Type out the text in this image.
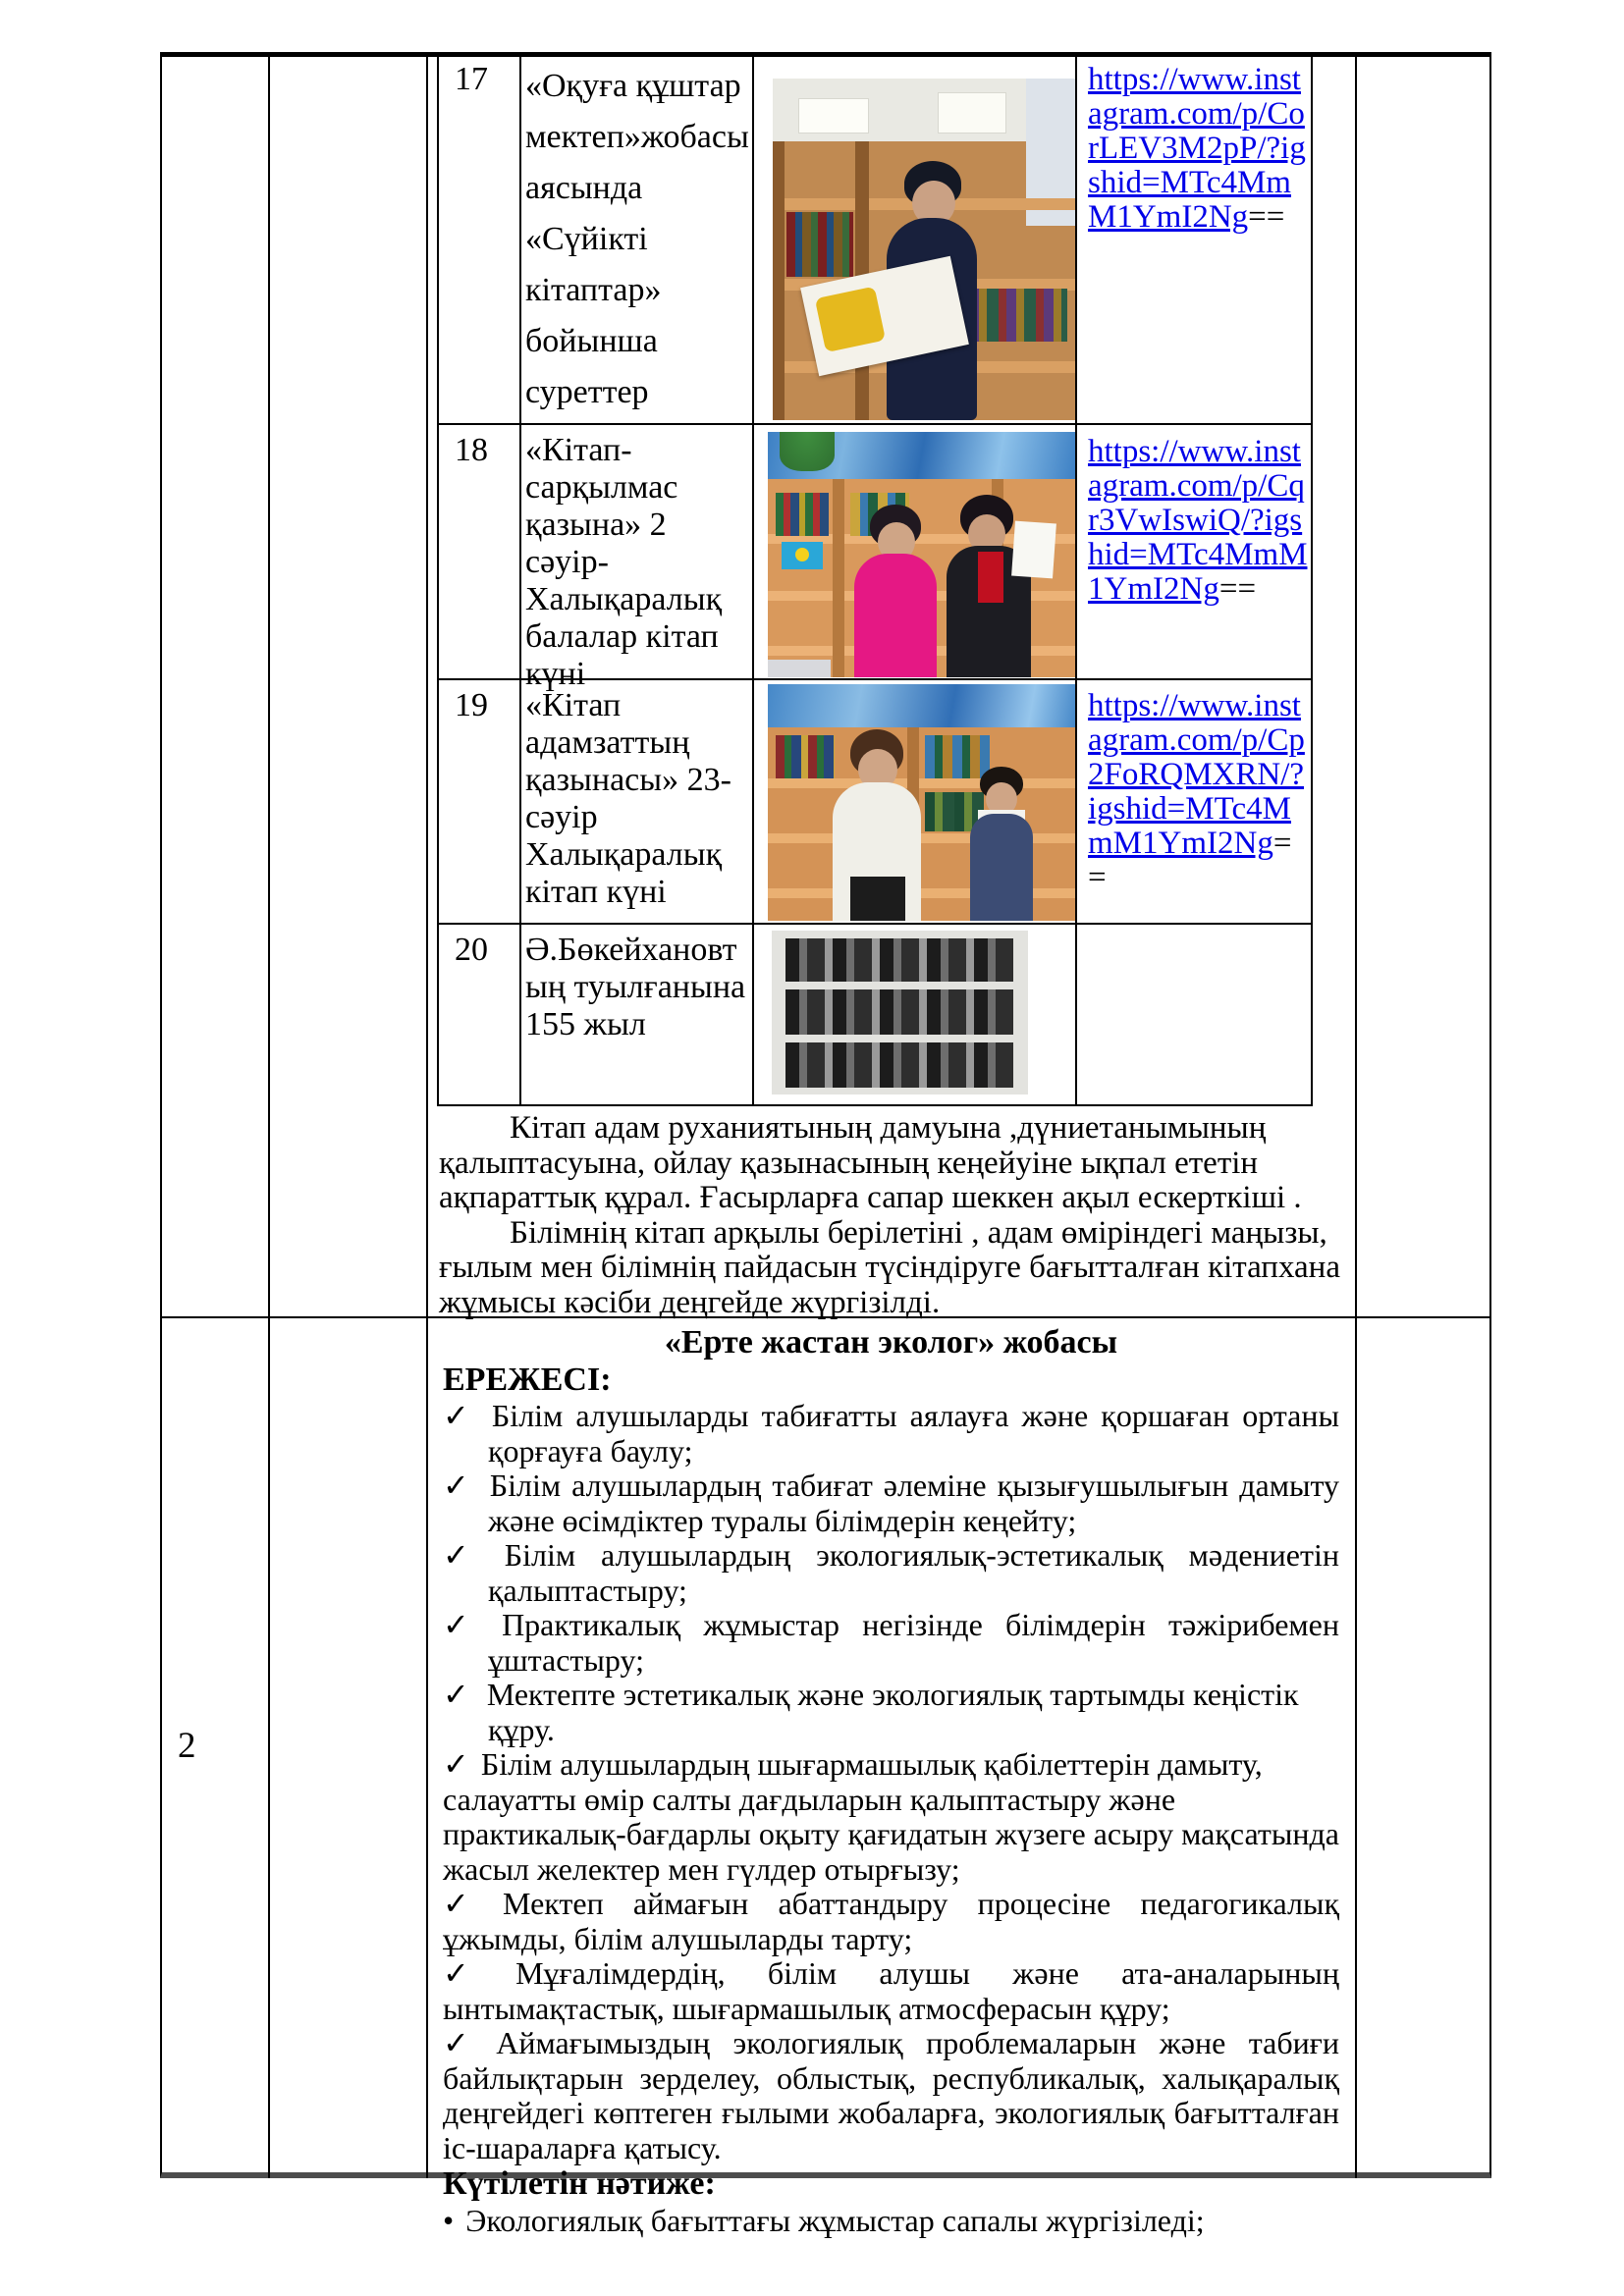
17	«Оқуға құштар мектеп»жобасы аясында «Сүйікті кітаптар» бойынша суреттер
https://www.instagram.com/p/CorLEV3M2pP/?igshid=MTc4MmM1YmI2Ng==
18	«Кітап-сарқылмас қазына» 2 сәуір-Халықаралық балалар кітап күні
https://www.instagram.com/p/Cqr3VwIswiQ/?igshid=MTc4MmM1YmI2Ng==
19	«Кітап адамзаттың қазынасы» 23-сәуір Халықаралық кітап күні
https://www.instagram.com/p/Cp2FoRQMXRN/?igshid=MTc4MmM1YmI2Ng==
20	Ә.Бөкейхановтың туылғанына 155 жыл

Кітап адам руханиятының дамуына ,дүниетанымының қалыптасуына, ойлау қазынасының кеңейуіне ықпал ететін ақпараттық құрал. Ғасырларға сапар шеккен ақыл ескерткіші .

Білімнің кітап арқылы берілетіні , адам өміріндегі маңызы, ғылым мен білімнің пайдасын түсіндіруге бағытталған кітапхана жұмысы кәсіби деңгейде жүргізілді.

2
«Ерте жастан эколог» жобасы
ЕРЕЖЕСІ:
✓ Білім алушыларды табиғатты аялауға және қоршаған ортаны қорғауға баулу;
✓ Білім алушылардың табиғат әлеміне қызығушылығын дамыту және өсімдіктер туралы білімдерін кеңейту;
✓ Білім алушылардың экологиялық-эстетикалық мәдениетін қалыптастыру;
✓ Практикалық жұмыстар негізінде білімдерін тәжірибемен ұштастыру;
✓ Мектепте эстетикалық және экологиялық тартымды кеңістік құру.
✓ Білім алушылардың шығармашылық қабілеттерін дамыту, салауатты өмір салты дағдыларын қалыптастыру және практикалық-бағдарлы оқыту қағидатын жүзеге асыру мақсатында жасыл желектер мен гүлдер отырғызу;
✓ Мектеп аймағын абаттандыру процесіне педагогикалық ұжымды, білім алушыларды тарту;
✓ Мұғалімдердің, білім алушы және ата-аналарының ынтымақтастық, шығармашылық атмосферасын құру;
✓ Аймағымыздың экологиялық проблемаларын және табиғи байлықтарын зерделеу, облыстық, республикалық, халықаралық деңгейдегі көптеген ғылыми жобаларға, экологиялық бағытталған іс-шараларға қатысу.
Күтілетін нәтиже:
• Экологиялық бағыттағы жұмыстар сапалы жүргізіледі;
